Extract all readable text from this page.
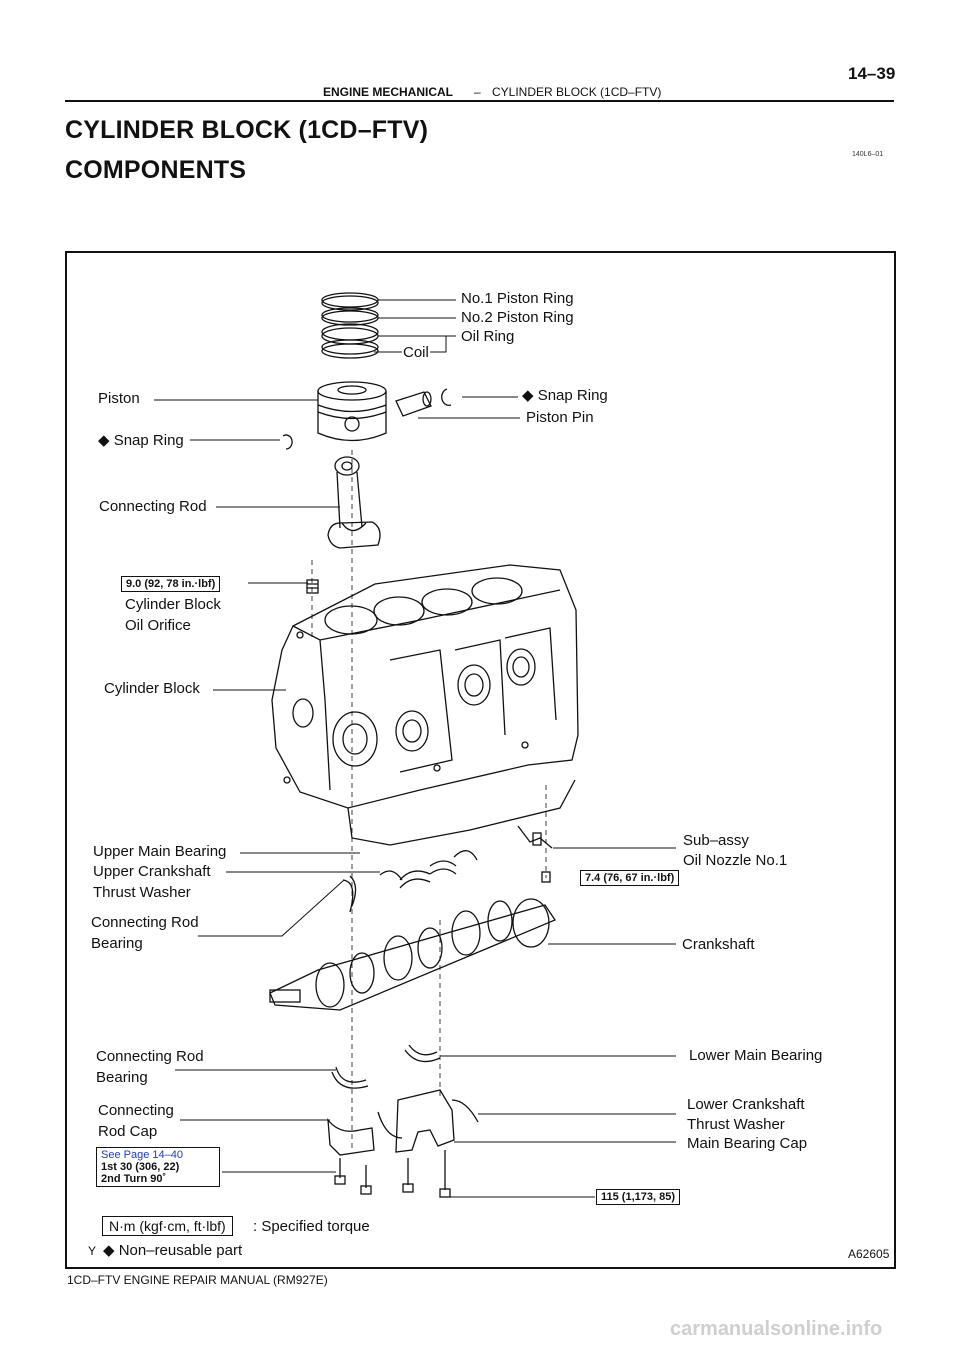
ENGINE MECHANICAL – CYLINDER BLOCK (1CD–FTV)
14–39
CYLINDER BLOCK (1CD–FTV)
COMPONENTS
140L6–01
No.1 Piston Ring
No.2 Piston Ring
Oil Ring
Coil
Piston	◆ Snap Ring
Piston Pin
◆ Snap Ring
Connecting Rod
9.0 (92, 78 in.·lbf)
Cylinder Block
Oil Orifice
Cylinder Block
Upper Main Bearing
Upper Crankshaft
Thrust Washer
Sub–assy
Oil Nozzle No.1
7.4 (76, 67 in.·lbf)
Connecting Rod
Bearing	Crankshaft
Connecting Rod
Bearing
Lower Main Bearing
Connecting
Rod Cap
Lower Crankshaft
Thrust Washer
Main Bearing Cap
See Page 14–40
1st 30 (306, 22)
2nd Turn 90˚
115 (1,173, 85)
N·m (kgf·cm, ft·lbf)	: Specified torque
◆ Non–reusable part
Y	A62605
1CD–FTV ENGINE REPAIR MANUAL (RM927E)
carmanualsonline.info
